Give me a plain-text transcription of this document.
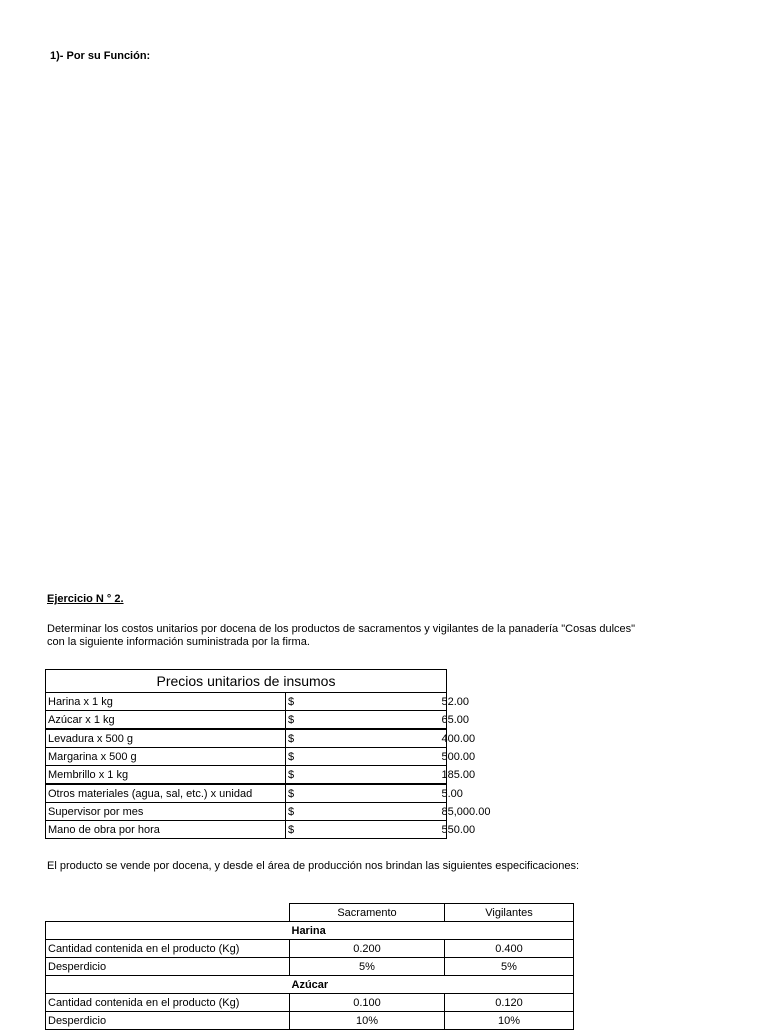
1)- Por su Función:
Ejercicio N ° 2.
Determinar los costos unitarios por docena de los productos de sacramentos y vigilantes de la panadería "Cosas dulces"
con la siguiente información suministrada por la firma.
Precios unitarios de insumos		
Harina x 1 kg	$	52.00
Azúcar x 1 kg	$	65.00
Levadura x 500 g	$	400.00
Margarina x 500 g	$	500.00
Membrillo x 1 kg	$	185.00
Otros materiales (agua, sal, etc.) x unidad	$	5.00
Supervisor por mes	$	85,000.00
Mano de obra por hora	$	550.00
El producto se vende por docena, y desde el área de producción nos brindan las siguientes especificaciones:
	Sacramento	Vigilantes
	Harina	
Cantidad contenida en el producto (Kg)	0.200	0.400
Desperdicio	5%	5%
	Azúcar	
Cantidad contenida en el producto (Kg)	0.100	0.120
Desperdicio	10%	10%
